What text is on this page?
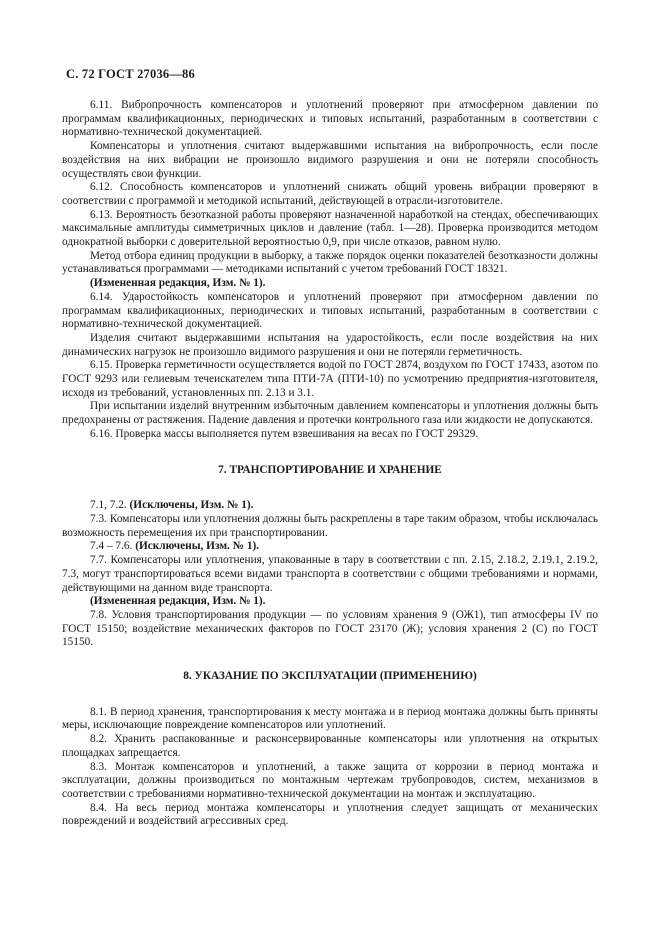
С. 72 ГОСТ 27036—86

6.11. Вибропрочность компенсаторов и уплотнений проверяют при атмосферном давлении по программам квалификационных, периодических и типовых испытаний, разработанным в соответствии с нормативно-технической документацией.

Компенсаторы и уплотнения считают выдержавшими испытания на вибропрочность, если после воздействия на них вибрации не произошло видимого разрушения и они не потеряли способность осуществлять свои функции.

6.12. Способность компенсаторов и уплотнений снижать общий уровень вибрации проверяют в соответствии с программой и методикой испытаний, действующей в отрасли-изготовителе.

6.13. Вероятность безотказной работы проверяют назначенной наработкой на стендах, обеспечивающих максимальные амплитуды симметричных циклов и давление (табл. 1—28). Проверка производится методом однократной выборки с доверительной вероятностью 0,9, при числе отказов, равном нулю.

Метод отбора единиц продукции в выборку, а также порядок оценки показателей безотказности должны устанавливаться программами — методиками испытаний с учетом требований ГОСТ 18321.

(Измененная редакция, Изм. № 1).

6.14. Ударостойкость компенсаторов и уплотнений проверяют при атмосферном давлении по программам квалификационных, периодических и типовых испытаний, разработанным в соответствии с нормативно-технической документацией.

Изделия считают выдержавшими испытания на ударостойкость, если после воздействия на них динамических нагрузок не произошло видимого разрушения и они не потеряли герметичность.

6.15. Проверка герметичности осуществляется водой по ГОСТ 2874, воздухом по ГОСТ 17433, азотом по ГОСТ 9293 или гелиевым течеискателем типа ПТИ-7А (ПТИ-10) по усмотрению предприятия-изготовителя, исходя из требований, установленных пп. 2.13 и 3.1.

При испытании изделий внутренним избыточным давлением компенсаторы и уплотнения должны быть предохранены от растяжения. Падение давления и протечки контрольного газа или жидкости не допускаются.

6.16. Проверка массы выполняется путем взвешивания на весах по ГОСТ 29329.

7. ТРАНСПОРТИРОВАНИЕ И ХРАНЕНИЕ

7.1, 7.2. (Исключены, Изм. № 1).

7.3. Компенсаторы или уплотнения должны быть раскреплены в таре таким образом, чтобы исключалась возможность перемещения их при транспортировании.

7.4 – 7.6. (Исключены, Изм. № 1).

7.7. Компенсаторы или уплотнения, упакованные в тару в соответствии с пп. 2.15, 2.18.2, 2.19.1, 2.19.2, 7.3, могут транспортироваться всеми видами транспорта в соответствии с общими требованиями и нормами, действующими на данном виде транспорта.

(Измененная редакция, Изм. № 1).

7.8. Условия транспортирования продукции — по условиям хранения 9 (ОЖ1), тип атмосферы IV по ГОСТ 15150; воздействие механических факторов по ГОСТ 23170 (Ж); условия хранения 2 (С) по ГОСТ 15150.

8. УКАЗАНИЕ ПО ЭКСПЛУАТАЦИИ (ПРИМЕНЕНИЮ)

8.1. В период хранения, транспортирования к месту монтажа и в период монтажа должны быть приняты меры, исключающие повреждение компенсаторов или уплотнений.

8.2. Хранить распакованные и расконсервированные компенсаторы или уплотнения на открытых площадках запрещается.

8.3. Монтаж компенсаторов и уплотнений, а также защита от коррозии в период монтажа и эксплуатации, должны производиться по монтажным чертежам трубопроводов, систем, механизмов в соответствии с требованиями нормативно-технической документации на монтаж и эксплуатацию.

8.4. На весь период монтажа компенсаторы и уплотнения следует защищать от механических повреждений и воздействий агрессивных сред.
